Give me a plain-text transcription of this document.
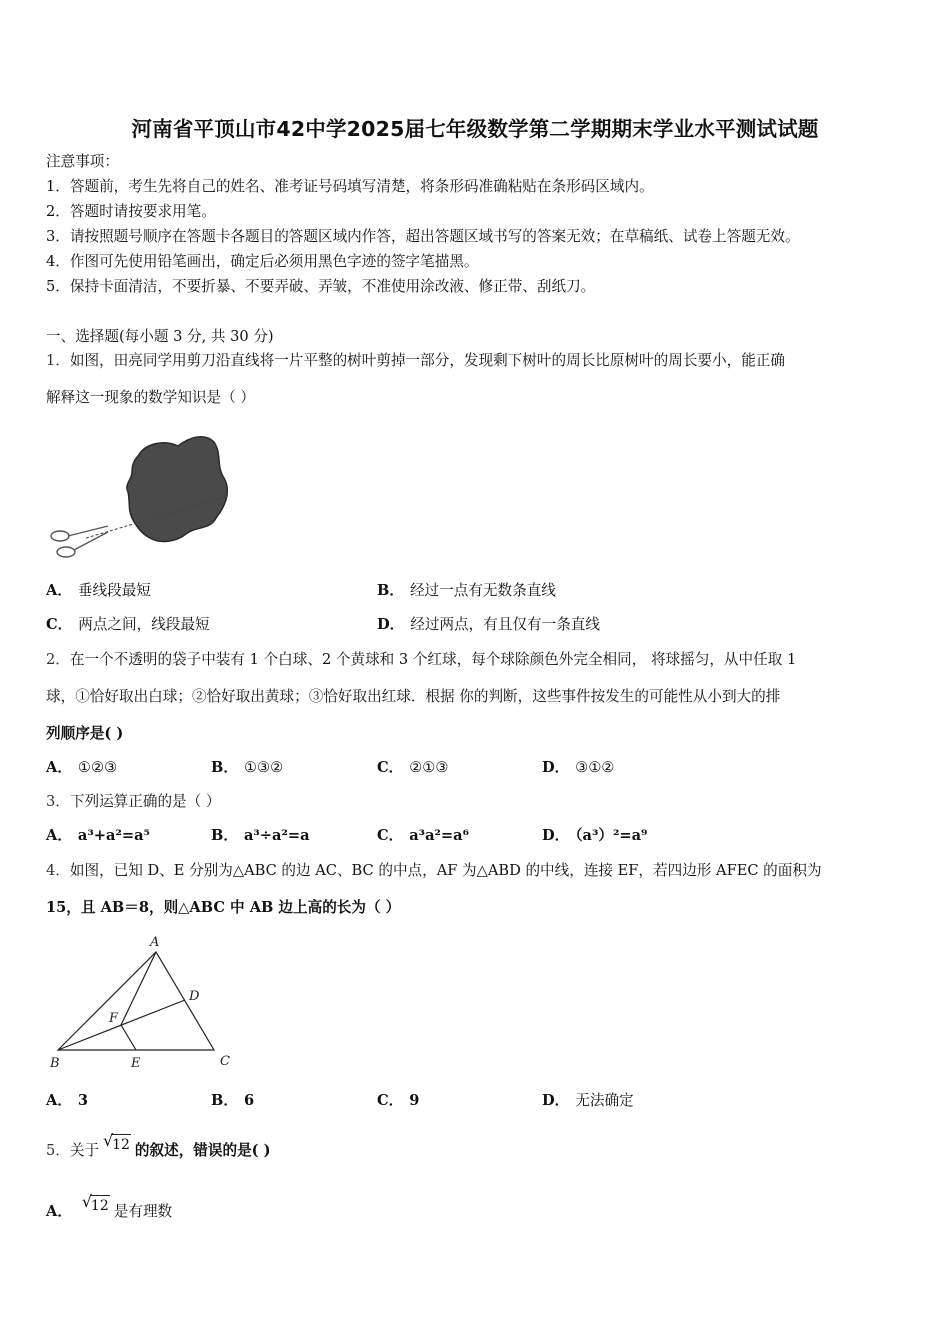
河南省平顶山市42中学2025届七年级数学第二学期期末学业水平测试试题
注意事项：
1．答题前，考生先将自己的姓名、准考证号码填写清楚，将条形码准确粘贴在条形码区域内。
2．答题时请按要求用笔。
3．请按照题号顺序在答题卡各题目的答题区域内作答，超出答题区域书写的答案无效；在草稿纸、试卷上答题无效。
4．作图可先使用铅笔画出，确定后必须用黑色字迹的签字笔描黑。
5．保持卡面清洁，不要折暴、不要弄破、弄皱，不准使用涂改液、修正带、刮纸刀。
一、选择题(每小题 3 分, 共 30 分)
1．如图，田亮同学用剪刀沿直线将一片平整的树叶剪掉一部分，发现剩下树叶的周长比原树叶的周长要小，能正确
解释这一现象的数学知识是（ ）
A． 垂线段最短	B． 经过一点有无数条直线
C． 两点之间，线段最短	D． 经过两点，有且仅有一条直线
2．在一个不透明的袋子中装有 1 个白球、2 个黄球和 3 个红球，每个球除颜色外完全相同， 将球摇匀，从中任取 1
球，①恰好取出白球；②恰好取出黄球；③恰好取出红球．根据 你的判断，这些事件按发生的可能性从小到大的排
列顺序是( )
A． ①②③	B． ①③②	C． ②①③	D． ③①②
3．下列运算正确的是（ ）
A． a³+a²=a⁵	B． a³÷a²=a	C． a³a²=a⁶	D． （a³）²=a⁹
4．如图，已知 D、E 分别为△ABC 的边 AC、BC 的中点，AF 为△ABD 的中线，连接 EF，若四边形 AFEC 的面积为
15，且 AB＝8，则△ABC 中 AB 边上高的长为（ ）
A
B	C
D
E
F
A． 3	B． 6	C． 9	D． 无法确定
5．关于
√
12 的叙述，错误的是( )
A．
√
12 是有理数
